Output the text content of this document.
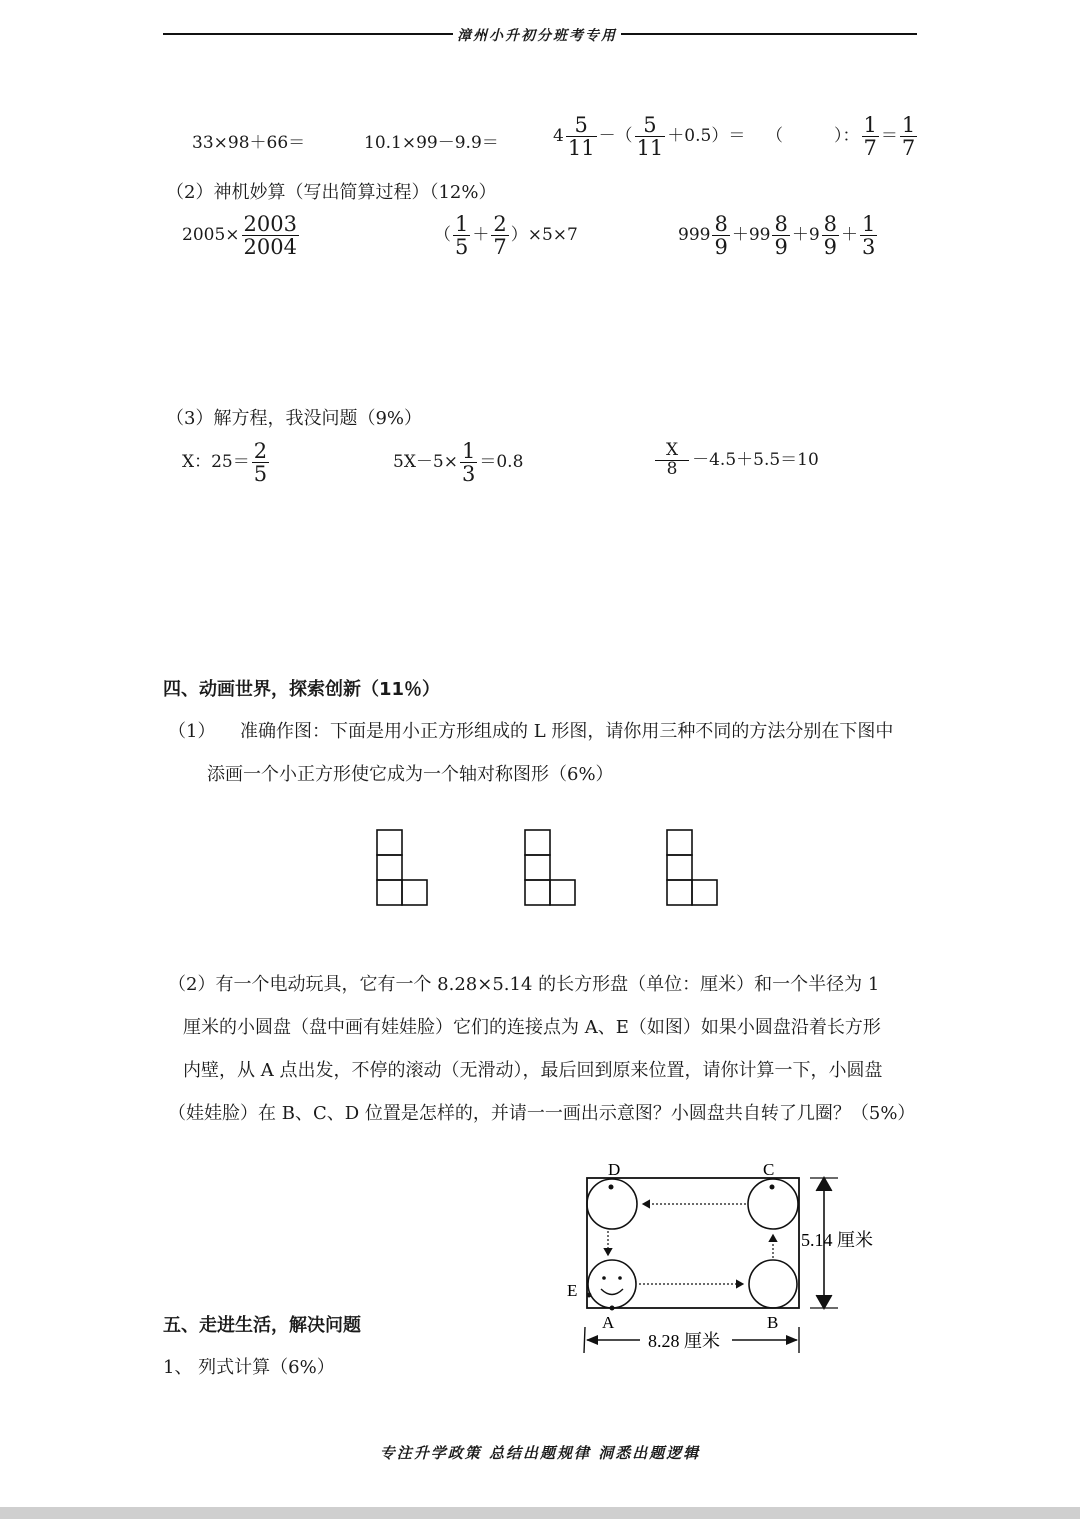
漳州小升初分班考专用
33×98＋66＝	10.1×99－9.9＝	$4 \frac{5}{11}$ －（ $\frac{5}{11} +0.5)=$ （　　　）： $\frac{1}{7} = \frac{1}{7}$
（2）神机妙算（写出简算过程）（12%）
$2005\times \frac{2003}{2004}$	（ $\frac{1}{5} + \frac{2}{7} )\times 5\times 7$	$999 \frac{8}{9} +99 \frac{8}{9} +9 \frac{8}{9} + \frac{1}{3}$
（3）解方程，我没问题（9%）
X：$25= \frac{2}{5}$	$5X-5\times \frac{1}{3} =0.8$	$\frac{X}{8} -4.5+5.5=10$
四、动画世界，探索创新（11％）
（1） 准确作图：下面是用小正方形组成的 L 形图，请你用三种不同的方法分别在下图中
添画一个小正方形使它成为一个轴对称图形（6%）
（2）有一个电动玩具，它有一个 8.28×5.14 的长方形盘（单位：厘米）和一个半径为 1
厘米的小圆盘（盘中画有娃娃脸）它们的连接点为 A、E（如图）如果小圆盘沿着长方形
内壁，从 A 点出发，不停的滚动（无滑动），最后回到原来位置，请你计算一下，小圆盘
（娃娃脸）在 B、C、D 位置是怎样的，并请一一画出示意图？小圆盘共自转了几圈？（5%）
D	C
E
A	B
5.14 厘米
8.28 厘米
五、走进生活，解决问题
1、 列式计算（6%）
专注升学政策 总结出题规律 洞悉出题逻辑
